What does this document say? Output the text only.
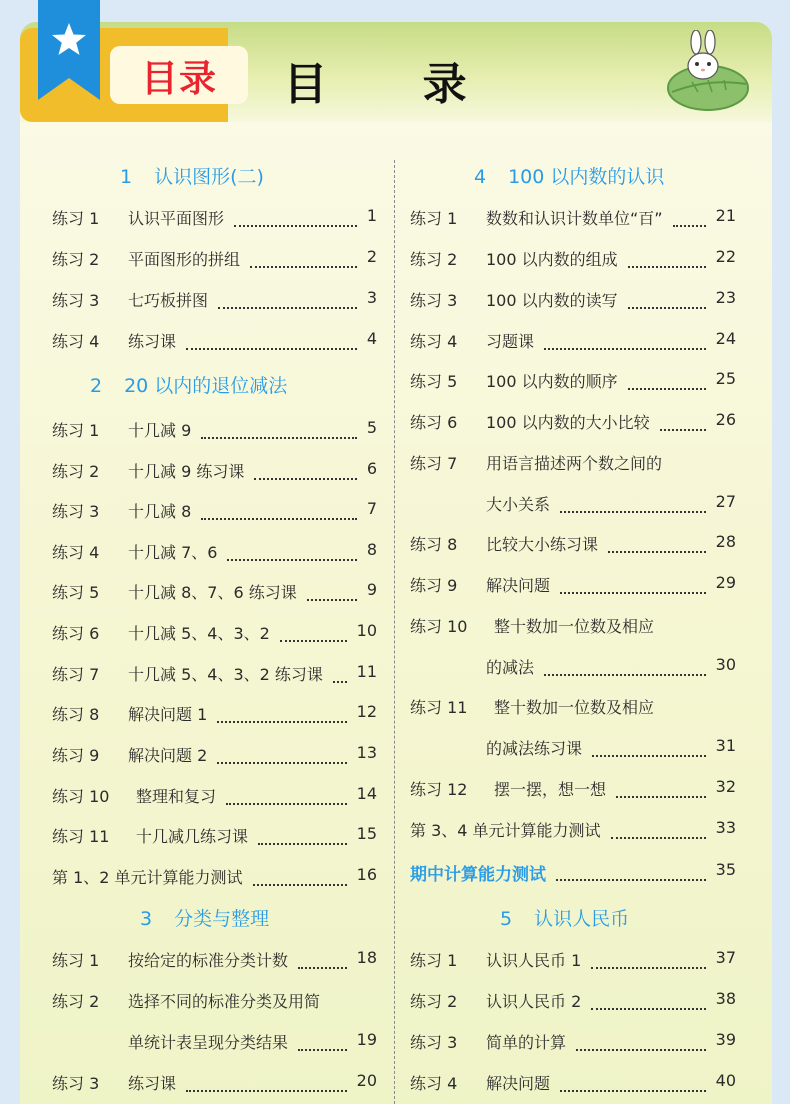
目录	目 录
1 认识图形(二)
练习 1 认识平面图形	1
练习 2 平面图形的拼组	2
练习 3 七巧板拼图	3
练习 4 练习课	4
2 20 以内的退位减法
练习 1 十几减 9	5
练习 2 十几减 9 练习课	6
练习 3 十几减 8	7
练习 4 十几减 7、6	8
练习 5 十几减 8、7、6 练习课	9
练习 6 十几减 5、4、3、2	10
练习 7 十几减 5、4、3、2 练习课	11
练习 8 解决问题 1	12
练习 9 解决问题 2	13
练习 10 整理和复习	14
练习 11 十几减几练习课	15
第 1、2 单元计算能力测试	16
3 分类与整理
练习 1 按给定的标准分类计数	18
练习 2 选择不同的标准分类及用简
单统计表呈现分类结果	19
练习 3 练习课	20
4 100 以内数的认识
练习 1 数数和认识计数单位“百”	21
练习 2 100 以内数的组成	22
练习 3 100 以内数的读写	23
练习 4 习题课	24
练习 5 100 以内数的顺序	25
练习 6 100 以内数的大小比较	26
练习 7 用语言描述两个数之间的
大小关系	27
练习 8 比较大小练习课	28
练习 9 解决问题	29
练习 10 整十数加一位数及相应
的减法	30
练习 11 整十数加一位数及相应
的减法练习课	31
练习 12 摆一摆，想一想	32
第 3、4 单元计算能力测试	33
期中计算能力测试	35
5 认识人民币
练习 1 认识人民币 1	37
练习 2 认识人民币 2	38
练习 3 简单的计算	39
练习 4 解决问题	40
